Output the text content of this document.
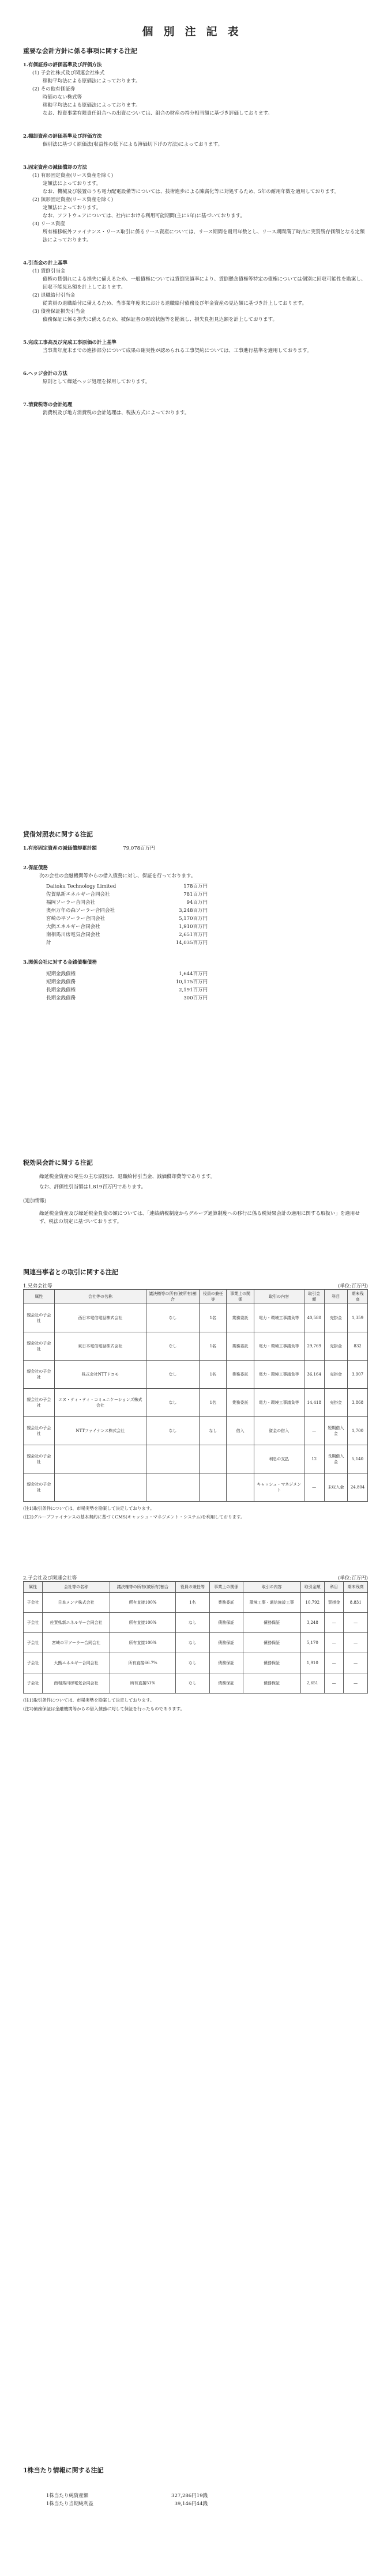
個別注記表
重要な会計方針に係る事項に関する注記
1.有価証券の評価基準及び評価方法
(1) 子会社株式及び関連会社株式
移動平均法による原価法によっております。
(2) その他有価証券
時価のない株式等
移動平均法による原価法によっております。
なお、投資事業有限責任組合への出資については、組合の財産の持分相当額に基づき評価しております。
2.棚卸資産の評価基準及び評価方法
個別法に基づく原価法(収益性の低下による簿価切下げの方法)によっております。
3.固定資産の減価償却の方法
(1) 有形固定資産(リース資産を除く)
定額法によっております。
なお、機械及び装置のうち電力配電設備等については、技術進歩による陳腐化等に対処するため、5年の耐用年数を適用しております。
(2) 無形固定資産(リース資産を除く)
定額法によっております。
なお、ソフトウェアについては、社内における利用可能期間(主に5年)に基づいております。
(3) リース資産
所有権移転外ファイナンス・リース取引に係るリース資産については、リース期間を耐用年数とし、リース期間満了時点に実質残存価額となる定額法によっております。
4.引当金の計上基準
(1) 貸倒引当金
債権の貸倒れによる損失に備えるため、一般債権については貸倒実績率により、貸倒懸念債権等特定の債権については個別に回収可能性を勘案し、回収不能見込額を計上しております。
(2) 退職給付引当金
従業員の退職給付に備えるため、当事業年度末における退職給付債務及び年金資産の見込額に基づき計上しております。
(3) 債務保証損失引当金
債務保証に係る損失に備えるため、被保証者の財政状態等を勘案し、損失負担見込額を計上しております。
5.完成工事高及び完成工事原価の計上基準
当事業年度末までの進捗部分について成果の確実性が認められる工事契約については、工事進行基準を適用しております。
6.ヘッジ会計の方法
原則として繰延ヘッジ処理を採用しております。
7.消費税等の会計処理
消費税及び地方消費税の会計処理は、税抜方式によっております。
貸借対照表に関する注記
1.有形固定資産の減価償却累計額	79,078百万円
2.保証債務

次の会社の金融機関等からの借入債務に対し、保証を行っております。

Daitoku Technology Limited	178百万円
佐賀県新エネルギー合同会社	781百万円
福岡ソーラー合同会社	94百万円
奥州万年の森ソーラー合同会社	3,248百万円
宮崎の平ソーラー合同会社	5,170百万円
大熊エネルギー合同会社	1,910百万円
南相馬川房電気合同会社	2,651百万円
計	14,035百万円
3.関係会社に対する金銭債権債務
短期金銭債権	1,644百万円
短期金銭債務	10,175百万円
長期金銭債権	2,191百万円
長期金銭債務	300百万円
税効果会計に関する注記

繰延税金資産の発生の主な原因は、退職給付引当金、減価償却費等であります。

なお、評価性引当額は1,819百万円であります。

(追加情報)

繰延税金資産及び繰延税金負債の額については、「連結納税制度からグループ通算制度への移行に係る税効果会計の適用に関する取扱い」を適用せず、税法の規定に基づいております。

関連当事者との取引に関する注記
1.兄弟会社等	(単位:百万円)
属性	会社等の名称	議決権等の所有(被所有)割合	役員の兼任等	事業上の関係	取引の内容	取引金額	科目	期末残高
親会社の子会社	西日本電信電話株式会社	なし	1名	業務委託	電力・環境工事請負等	40,580	売掛金	1,359
親会社の子会社	東日本電信電話株式会社	なし	1名	業務委託	電力・環境工事請負等	29,769	売掛金	832
親会社の子会社	株式会社NTTドコモ	なし	1名	業務委託	電力・環境工事請負等	36,164	売掛金	3,907
親会社の子会社	エヌ・ティ・ティ・コミュニケーションズ株式会社	なし	1名	業務委託	電力・環境工事請負等	14,418	売掛金	3,868
親会社の子会社	NTTファイナンス株式会社	なし	なし	借入	資金の借入	—	短期借入金	1,700
親会社の子会社					利息の支払	12	長期借入金	5,140
親会社の子会社					キャッシュ・マネジメント	—	未収入金	24,804
(注1)取引条件については、市場実勢を勘案して決定しております。
(注2)グループファイナンスの基本契約に基づくCMS(キャッシュ・マネジメント・システム)を利用しております。
2.子会社及び関連会社等	(単位:百万円)
属性	会社等の名称	議決権等の所有(被所有)割合	役員の兼任等	事業上の関係	取引の内容	取引金額	科目	期末残高
子会社	日本メンテ株式会社	所有直接100%	1名	業務委託	環境工事・通信施設工事	10,792	買掛金	8,831
子会社	佐賀県新エネルギー合同会社	所有直接100%	なし	債務保証	債務保証	3,248	—	—
子会社	宮崎の平ソーラー合同会社	所有直接100%	なし	債務保証	債務保証	5,170	—	—
子会社	大熊エネルギー合同会社	所有直接66.7%	なし	債務保証	債務保証	1,910	—	—
子会社	南相馬川房電気合同会社	所有直接51%	なし	債務保証	債務保証	2,651	—	—
(注1)取引条件については、市場実勢を勘案して決定しております。
(注2)債務保証は金融機関等からの借入債務に対して保証を行ったものであります。
1株当たり情報に関する注記
1株当たり純資産額	327,286円19銭
1株当たり当期純利益	39,146円44銭
